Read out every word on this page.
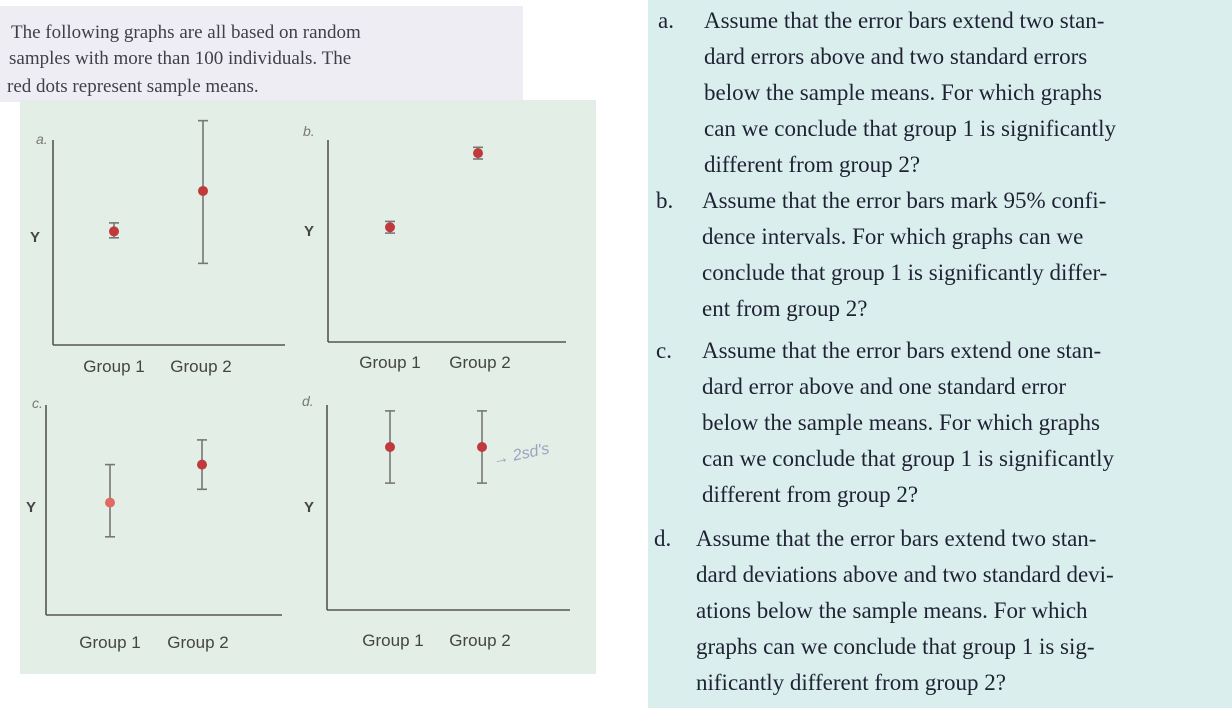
The following graphs are all based on random
samples with more than 100 individuals. The
red dots represent sample means.
a.
Y
Group 1 Group 2
b.
Y
Group 1 Group 2
c.
Y
Group 1 Group 2
d.
Y
Group 1 Group 2
→ 2sd's
a. Assume that the error bars extend two stan-
dard errors above and two standard errors
below the sample means. For which graphs
can we conclude that group 1 is significantly
different from group 2?
b. Assume that the error bars mark 95% confi-
dence intervals. For which graphs can we
conclude that group 1 is significantly differ-
ent from group 2?
c. Assume that the error bars extend one stan-
dard error above and one standard error
below the sample means. For which graphs
can we conclude that group 1 is significantly
different from group 2?
d. Assume that the error bars extend two stan-
dard deviations above and two standard devi-
ations below the sample means. For which
graphs can we conclude that group 1 is sig-
nificantly different from group 2?
